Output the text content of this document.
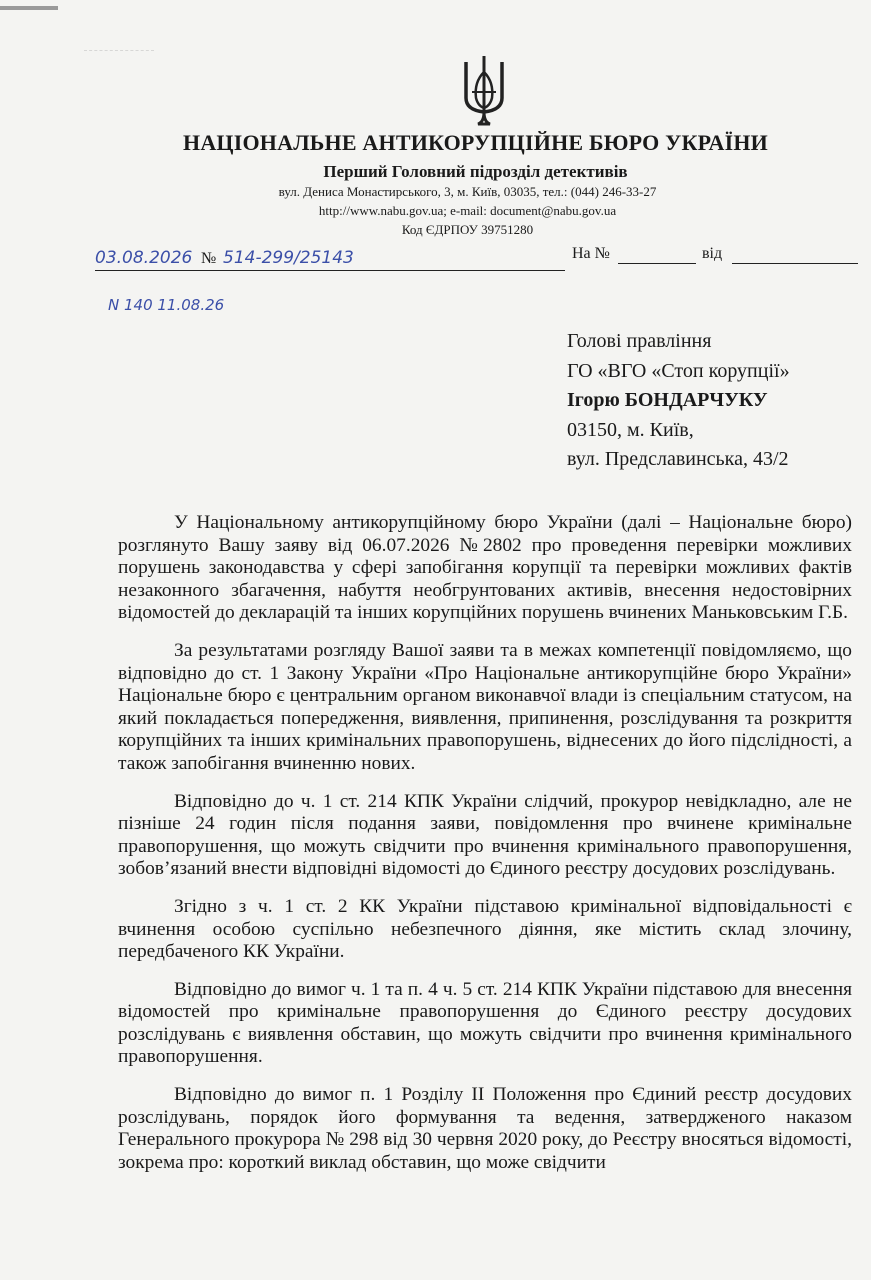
НАЦІОНАЛЬНЕ АНТИКОРУПЦІЙНЕ БЮРО УКРАЇНИ
Перший Головний підрозділ детективів
вул. Дениса Монастирського, 3, м. Київ, 03035, тел.: (044) 246-33-27
http://www.nabu.gov.ua; e-mail: document@nabu.gov.ua
Код ЄДРПОУ 39751280
03.08.2026 № 514-299/25143	На №	від
N 140 11.08.26
Голові правління
ГО «ВГО «Стоп корупції»
Ігорю БОНДАРЧУКУ
03150, м. Київ,
вул. Предславинська, 43/2

У Національному антикорупційному бюро України (далі – Національне бюро) розглянуто Вашу заяву від 06.07.2026 №2802 про проведення перевірки можливих порушень законодавства у сфері запобігання корупції та перевірки можливих фактів незаконного збагачення, набуття необгрунтованих активів, внесення недостовірних відомостей до декларацій та інших корупційних порушень вчинених Маньковським Г.Б.

За результатами розгляду Вашої заяви та в межах компетенції повідомляємо, що відповідно до ст. 1 Закону України «Про Національне антикорупційне бюро України» Національне бюро є центральним органом виконавчої влади із спеціальним статусом, на який покладається попередження, виявлення, припинення, розслідування та розкриття корупційних та інших кримінальних правопорушень, віднесених до його підслідності, а також запобігання вчиненню нових.

Відповідно до ч. 1 ст. 214 КПК України слідчий, прокурор невідкладно, але не пізніше 24 годин після подання заяви, повідомлення про вчинене кримінальне правопорушення, що можуть свідчити про вчинення кримінального правопорушення, зобов’язаний внести відповідні відомості до Єдиного реєстру досудових розслідувань.

Згідно з ч. 1 ст. 2 КК України підставою кримінальної відповідальності є вчинення особою суспільно небезпечного діяння, яке містить склад злочину, передбаченого КК України.

Відповідно до вимог ч. 1 та п. 4 ч. 5 ст. 214 КПК України підставою для внесення відомостей про кримінальне правопорушення до Єдиного реєстру досудових розслідувань є виявлення обставин, що можуть свідчити про вчинення кримінального правопорушення.

Відповідно до вимог п. 1 Розділу ІІ Положення про Єдиний реєстр досудових розслідувань, порядок його формування та ведення, затвердженого наказом Генерального прокурора № 298 від 30 червня 2020 року, до Реєстру вносяться відомості, зокрема про: короткий виклад обставин, що може свідчити
